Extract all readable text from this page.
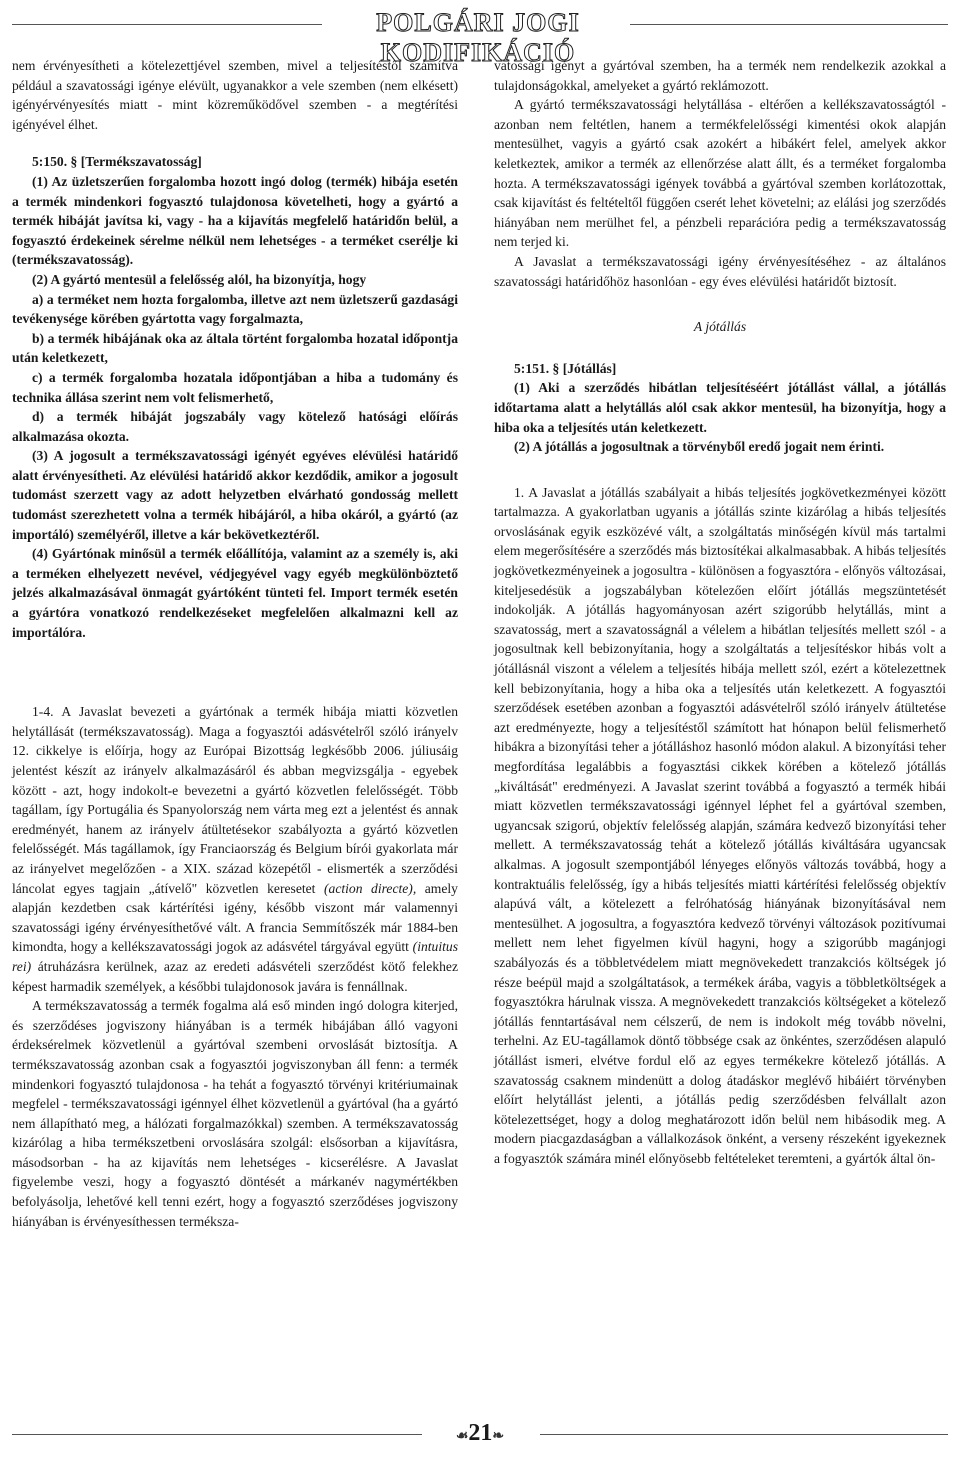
POLGÁRI JOGI KODIFIKÁCIÓ

nem érvényesítheti a kötelezettjével szemben, mivel a teljesítéstől számítva például a szavatossági igénye elévült, ugyanakkor a vele szemben (nem elkésett) igényérvényesítés miatt - mint közreműködővel szemben - a megtérítési igényével élhet.

5:150. § [Termékszavatosság]

(1) Az üzletszerűen forgalomba hozott ingó dolog (termék) hibája esetén a termék mindenkori fogyasztó tulajdonosa követelheti, hogy a gyártó a termék hibáját javítsa ki, vagy - ha a kijavítás megfelelő határidőn belül, a fogyasztó érdekeinek sérelme nélkül nem lehetséges - a terméket cserélje ki (termékszavatosság).

(2) A gyártó mentesül a felelősség alól, ha bizonyítja, hogy

a) a terméket nem hozta forgalomba, illetve azt nem üzletszerű gazdasági tevékenysége körében gyártotta vagy forgalmazta,

b) a termék hibájának oka az általa történt forgalomba hozatal időpontja után keletkezett,

c) a termék forgalomba hozatala időpontjában a hiba a tudomány és technika állása szerint nem volt felismerhető,

d) a termék hibáját jogszabály vagy kötelező hatósági előírás alkalmazása okozta.

(3) A jogosult a termékszavatossági igényét egyéves elévülési határidő alatt érvényesítheti. Az elévülési határidő akkor kezdődik, amikor a jogosult tudomást szerzett vagy az adott helyzetben elvárható gondosság mellett tudomást szerezhetett volna a termék hibájáról, a hiba okáról, a gyártó (az importáló) személyéről, illetve a kár bekövetkeztéről.

(4) Gyártónak minősül a termék előállítója, valamint az a személy is, aki a terméken elhelyezett nevével, védjegyével vagy egyéb megkülönböztető jelzés alkalmazásával önmagát gyártóként tünteti fel. Import termék esetén a gyártóra vonatkozó rendelkezéseket megfelelően alkalmazni kell az importálóra.

1-4. A Javaslat bevezeti a gyártónak a termék hibája miatti közvetlen helytállását (termékszavatosság). Maga a fogyasztói adásvételről szóló irányelv 12. cikkelye is előírja, hogy az Európai Bizottság legkésőbb 2006. júliusáig jelentést készít az irányelv alkalmazásáról és abban megvizsgálja - egyebek között - azt, hogy indokolt-e bevezetni a gyártó közvetlen felelősségét. Több tagállam, így Portugália és Spanyolország nem várta meg ezt a jelentést és annak eredményét, hanem az irányelv átültetésekor szabályozta a gyártó közvetlen felelősségét. Más tagállamok, így Franciaország és Belgium bírói gyakorlata már az irányelvet megelőzően - a XIX. század közepétől - elismerték a szerződési láncolat egyes tagjain „átívelő" közvetlen keresetet (action directe), amely alapján kezdetben csak kártérítési igény, később viszont már valamennyi szavatossági igény érvényesíthetővé vált. A francia Semmítőszék már 1884-ben kimondta, hogy a kellékszavatossági jogok az adásvétel tárgyával együtt (intuitus rei) átruházásra kerülnek, azaz az eredeti adásvételi szerződést kötő felekhez képest harmadik személyek, a későbbi tulajdonosok javára is fennállnak.

A termékszavatosság a termék fogalma alá eső minden ingó dologra kiterjed, és szerződéses jogviszony hiányában is a termék hibájában álló vagyoni érdeksérelmek közvetlenül a gyártóval szembeni orvoslását biztosítja. A termékszavatosság azonban csak a fogyasztói jogviszonyban áll fenn: a termék mindenkori fogyasztó tulajdonosa - ha tehát a fogyasztó törvényi kritériumainak megfelel - termékszavatossági igénnyel élhet közvetlenül a gyártóval (ha a gyártó nem állapítható meg, a hálózati forgalmazókkal) szemben. A termékszavatosság kizárólag a hiba termékszetbeni orvoslására szolgál: elsősorban a kijavításra, másodsorban - ha az kijavítás nem lehetséges - kicserélésre. A Javaslat figyelembe veszi, hogy a fogyasztó döntését a márkanév nagymértékben befolyásolja, lehetővé kell tenni ezért, hogy a fogyasztó szerződéses jogviszony hiányában is érvényesíthessen terméksza-

vatossági igényt a gyártóval szemben, ha a termék nem rendelkezik azokkal a tulajdonságokkal, amelyeket a gyártó reklámozott.

A gyártó termékszavatossági helytállása - eltérően a kellékszavatosságtól - azonban nem feltétlen, hanem a termékfelelősségi kimentési okok alapján mentesülhet, vagyis a gyártó csak azokért a hibákért felel, amelyek akkor keletkeztek, amikor a termék az ellenőrzése alatt állt, és a terméket forgalomba hozta. A termékszavatossági igények továbbá a gyártóval szemben korlátozottak, csak kijavítást és feltételtől függően cserét lehet követelni; az elálási jog szerződés hiányában nem merülhet fel, a pénzbeli reparációra pedig a termékszavatosság nem terjed ki.

A Javaslat a termékszavatossági igény érvényesítéséhez - az általános szavatossági határidőhöz hasonlóan - egy éves elévülési határidőt biztosít.

A jótállás

5:151. § [Jótállás]

(1) Aki a szerződés hibátlan teljesítéséért jótállást vállal, a jótállás időtartama alatt a helytállás alól csak akkor mentesül, ha bizonyítja, hogy a hiba oka a teljesítés után keletkezett.

(2) A jótállás a jogosultnak a törvényből eredő jogait nem érinti.

1. A Javaslat a jótállás szabályait a hibás teljesítés jogkövetkezményei között tartalmazza. A gyakorlatban ugyanis a jótállás szinte kizárólag a hibás teljesítés orvoslásának egyik eszközévé vált, a szolgáltatás minőségén kívül más tartalmi elem megerősítésére a szerződés más biztosítékai alkalmasabbak. A hibás teljesítés jogkövetkezményeinek a jogosultra - különösen a fogyasztóra - előnyös változásai, kiteljesedésük a jogszabályban kötelezően előírt jótállás megszüntetését indokolják. A jótállás hagyományosan azért szigorúbb helytállás, mint a szavatosság, mert a szavatosságnál a vélelem a hibátlan teljesítés mellett szól - a jogosultnak kell bebizonyítania, hogy a szolgáltatás a teljesítéskor hibás volt a jótállásnál viszont a vélelem a teljesítés hibája mellett szól, ezért a kötelezettnek kell bebizonyítania, hogy a hiba oka a teljesítés után keletkezett. A fogyasztói szerződések esetében azonban a fogyasztói adásvételről szóló irányelv átültetése azt eredményezte, hogy a teljesítéstől számított hat hónapon belül felismerhető hibákra a bizonyítási teher a jótálláshoz hasonló módon alakul. A bizonyítási teher megfordítása legalábbis a fogyasztási cikkek körében a kötelező jótállás „kiváltását" eredményezi. A Javaslat szerint továbbá a fogyasztó a termék hibái miatt közvetlen termékszavatossági igénnyel léphet fel a gyártóval szemben, ugyancsak szigorú, objektív felelősség alapján, számára kedvező bizonyítási teher mellett. A termékszavatosság tehát a kötelező jótállás kiváltására ugyancsak alkalmas. A jogosult szempontjából lényeges előnyös változás továbbá, hogy a kontraktuális felelősség, így a hibás teljesítés miatti kártérítési felelősség objektív alapúvá vált, a kötelezett a felróhatóság hiányának bizonyításával nem mentesülhet. A jogosultra, a fogyasztóra kedvező törvényi változások pozitívumai mellett nem lehet figyelmen kívül hagyni, hogy a szigorúbb magánjogi szabályozás és a többletvédelem miatt megnövekedett tranzakciós költségek jó része beépül majd a szolgáltatások, a termékek árába, vagyis a többletköltségek a fogyasztókra hárulnak vissza. A megnövekedett tranzakciós költségeket a kötelező jótállás fenntartásával nem célszerű, de nem is indokolt még tovább növelni, terhelni. Az EU-tagállamok döntő többsége csak az önkéntes, szerződésen alapuló jótállást ismeri, elvétve fordul elő az egyes termékekre kötelező jótállás. A szavatosság csaknem mindenütt a dolog átadáskor meglévő hibáiért törvényben előírt helytállást jelenti, a jótállás pedig szerződésben felvállalt azon kötelezettséget, hogy a dolog meghatározott időn belül nem hibásodik meg. A modern piacgazdaságban a vállalkozások önként, a verseny részeként igyekeznek a fogyasztók számára minél előnyösebb feltételeket teremteni, a gyártók által ön-

☙21❧
